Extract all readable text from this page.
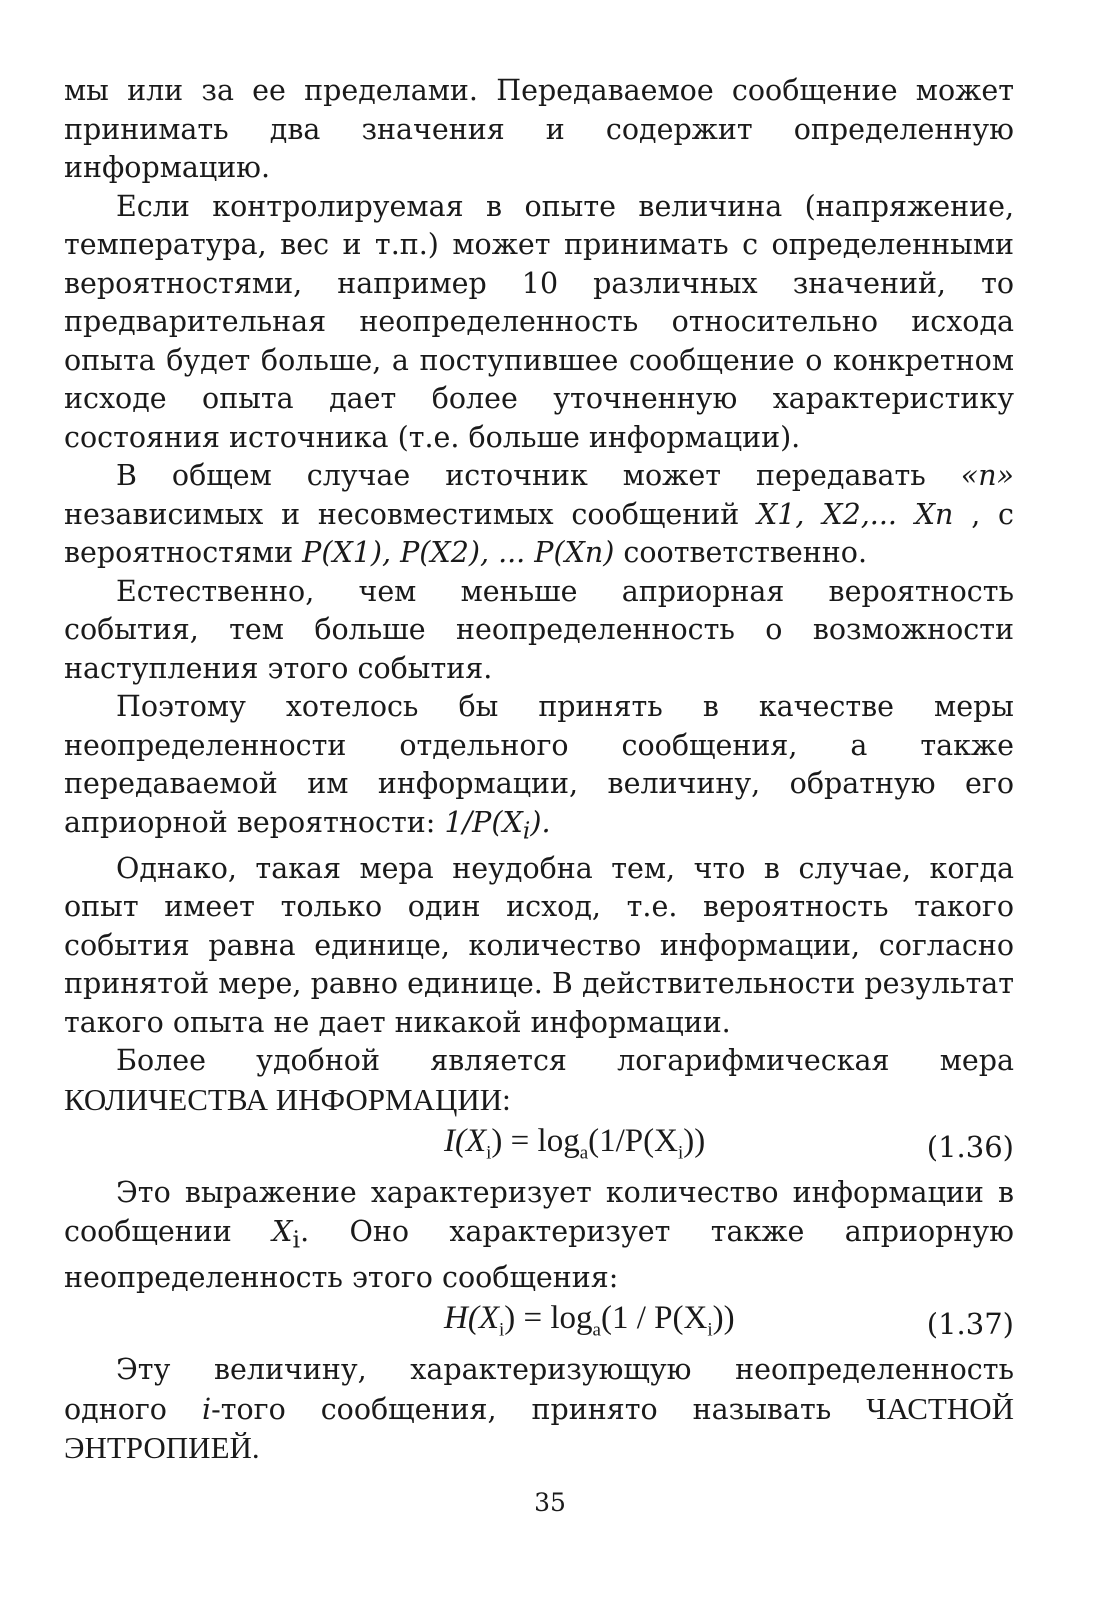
мы или за ее пределами. Передаваемое сообщение может принимать два значения и содержит определенную информацию.

Если контролируемая в опыте величина (напряжение, температура, вес и т.п.) может принимать с определенными вероятностями, например 10 различных значений, то предварительная неопределенность относительно исхода опыта будет больше, а поступившее сообщение о конкретном исходе опыта дает более уточненную характеристику состояния источника (т.е. больше информации).

В общем случае источник может передавать «n» независимых и несовместимых сообщений X1, X2,... Xn , с вероятностями P(X1), P(X2), ... P(Xn) соответственно.

Естественно, чем меньше априорная вероятность события, тем больше неопределенность о возможности наступления этого события.

Поэтому хотелось бы принять в качестве меры неопределенности отдельного сообщения, а также передаваемой им информации, величину, обратную его априорной вероятности: $1/P(X_i)$.

Однако, такая мера неудобна тем, что в случае, когда опыт имеет только один исход, т.е. вероятность такого события равна единице, количество информации, согласно принятой мере, равно единице. В действительности результат такого опыта не дает никакой информации.

Более удобной является логарифмическая мера КОЛИЧЕСТВА ИНФОРМАЦИИ:

$I(X_i) = \log_a(1/P(X_i))$	(1.36)

Это выражение характеризует количество информации в сообщении $X_i$. Оно характеризует также априорную неопределенность этого сообщения:

$H(X_i) = \log_a(1 / P(X_i))$	(1.37)

Эту величину, характеризующую неопределенность одного i-того сообщения, принято называть ЧАСТНОЙ ЭНТРОПИЕЙ.

35
